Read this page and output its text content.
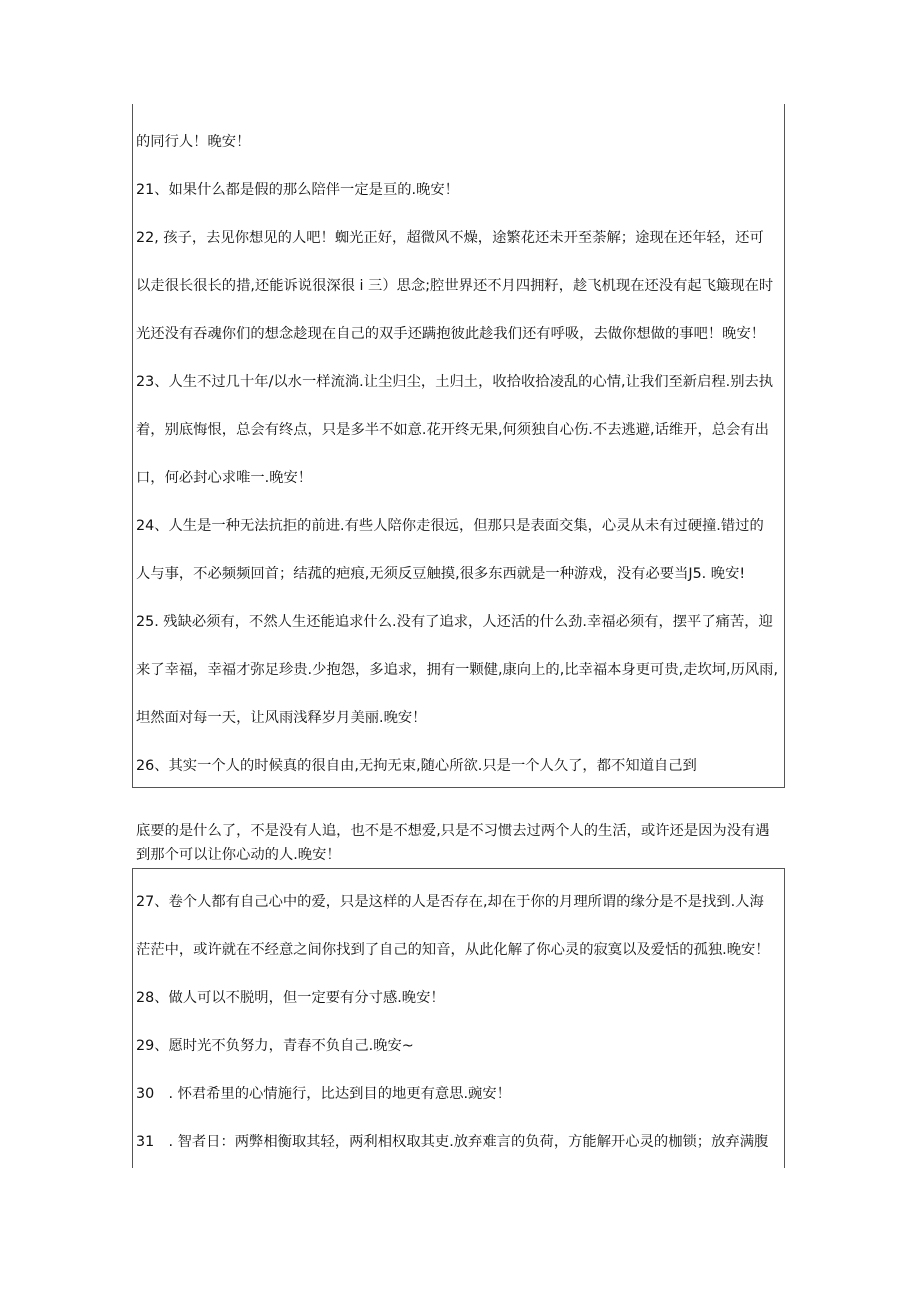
的同行人！晚安！
21、如果什么都是假的那么陪伴一定是亘的.晚安！
22, 孩子，去见你想见的人吧！蜘光正好，超微风不燥，途繁花还未开至荼解；途现在还年轻，还可
以走很长很长的措,还能诉说很深很 i 三）思念;腔世界还不月四拥籽，趁飞机现在还没有起飞簸现在时
光还没有吞魂你们的想念趁现在自己的双手还蹒抱彼此趁我们还有呼吸，去做你想做的事吧！晚安！
23、人生不过几十年/以水一样流淌.让尘归尘，土归土，收拾收拾凌乱的心情,让我们至新启程.别去执
着，别底悔恨，总会有终点，只是多半不如意.花开终无果,何须独自心伤.不去逃避,话维开，总会有出
口，何必封心求唯一.晚安！
24、人生是一种无法抗拒的前进.有些人陪你走很远，但那只是表面交集，心灵从未有过硬撞.错过的
人与事，不必频频回首；结菰的疤痕,无须反豆触摸,很多东西就是一种游戏，没有必要当J5. 晚安!
25. 残缺必须有，不然人生还能追求什么.没有了追求，人还活的什么劲.幸福必须有，摆平了痛苦，迎
来了幸福，幸福才弥足珍贵.少抱怨，多追求，拥有一颗健,康向上的,比幸福本身更可贵,走坎坷,历风雨,
坦然面对每一天，让风雨浅释岁月美丽.晚安！
26、其实一个人的时候真的很自由,无拘无束,随心所欲.只是一个人久了，都不知道自己到
底要的是什么了，不是没有人追，也不是不想爱,只是不习惯去过两个人的生活，或许还是因为没有遇
到那个可以让你心动的人.晚安！
27、卷个人都有自己心中的爱，只是这样的人是否存在,却在于你的月理所谓的缘分是不是找到.人海
茫茫中，或许就在不经意之间你找到了自己的知音，从此化解了你心灵的寂寞以及爱恬的孤独.晚安！
28、做人可以不脱明，但一定要有分寸感.晚安！
29、愿时光不负努力，青春不负自己.晚安~
30　. 怀君希里的心情施行，比达到目的地更有意思.豌安！
31　. 智者日：两弊相衡取其轻，两利相权取其吏.放弃难言的负荷，方能解开心灵的枷锁；放弃满腹
